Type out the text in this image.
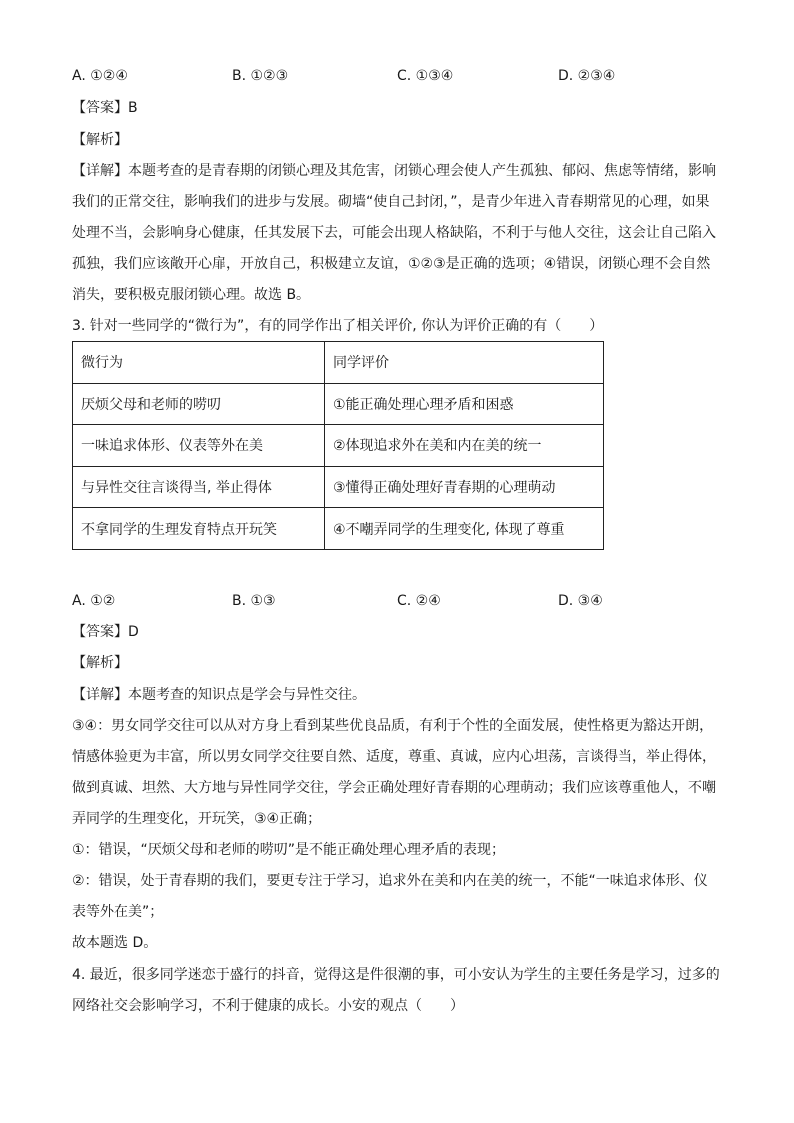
A. ①②④	B. ①②③	C. ①③④	D. ②③④
【答案】B
【解析】
【详解】本题考查的是青春期的闭锁心理及其危害，闭锁心理会使人产生孤独、郁闷、焦虑等情绪，影响
我们的正常交往，影响我们的进步与发展。砌墙“使自己封闭，”，是青少年进入青春期常见的心理，如果
处理不当，会影响身心健康，任其发展下去，可能会出现人格缺陷，不利于与他人交往，这会让自己陷入
孤独，我们应该敞开心扉，开放自己，积极建立友谊，①②③是正确的选项；④错误，闭锁心理不会自然
消失，要积极克服闭锁心理。故选 B。
3. 针对一些同学的“微行为”，有的同学作出了相关评价, 你认为评价正确的有（　　）
微行为	同学评价
厌烦父母和老师的唠叨	①能正确处理心理矛盾和困惑
一味追求体形、仪表等外在美	②体现追求外在美和内在美的统一
与异性交往言谈得当, 举止得体	③懂得正确处理好青春期的心理萌动
不拿同学的生理发育特点开玩笑	④不嘲弄同学的生理变化, 体现了尊重
A. ①②	B. ①③	C. ②④	D. ③④
【答案】D
【解析】
【详解】本题考查的知识点是学会与异性交往。
③④：男女同学交往可以从对方身上看到某些优良品质，有利于个性的全面发展，使性格更为豁达开朗，
情感体验更为丰富，所以男女同学交往要自然、适度，尊重、真诚，应内心坦荡，言谈得当，举止得体，
做到真诚、坦然、大方地与异性同学交往，学会正确处理好青春期的心理萌动；我们应该尊重他人，不嘲
弄同学的生理变化，开玩笑，③④正确；
①：错误，“厌烦父母和老师的唠叨”是不能正确处理心理矛盾的表现；
②：错误，处于青春期的我们，要更专注于学习，追求外在美和内在美的统一，不能“一味追求体形、仪
表等外在美”；
故本题选 D。
4. 最近，很多同学迷恋于盛行的抖音，觉得这是件很潮的事，可小安认为学生的主要任务是学习，过多的
网络社交会影响学习，不利于健康的成长。小安的观点（　　）
